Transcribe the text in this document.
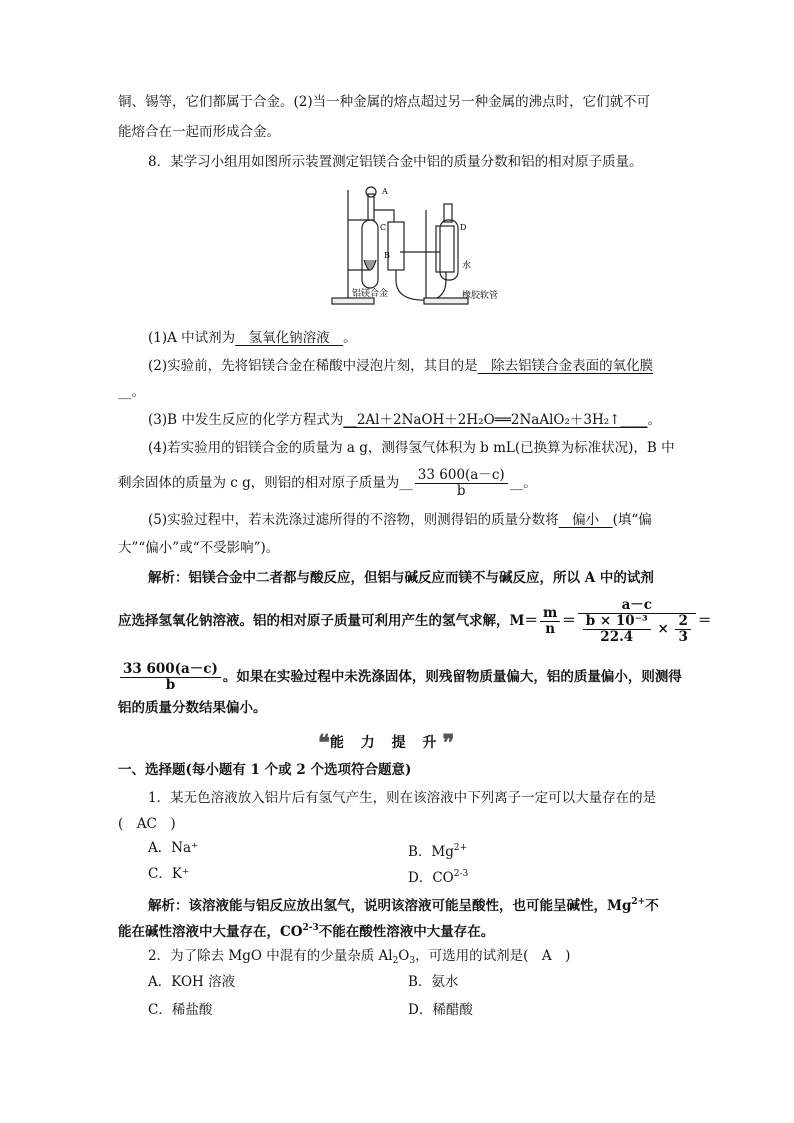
铜、锡等，它们都属于合金。(2)当一种金属的熔点超过另一种金属的沸点时，它们就不可
能熔合在一起而形成合金。
8．某学习小组用如图所示装置测定铝镁合金中铝的质量分数和铝的相对原子质量。
A
C
B
D
水
铝镁合金	橡胶软管
(1)A 中试剂为　氢氧化钠溶液　。
(2)实验前，先将铝镁合金在稀酸中浸泡片刻，其目的是　除去铝镁合金表面的氧化膜
__。
(3)B 中发生反应的化学方程式为__2Al＋2NaOH＋2H₂O══2NaAlO₂＋3H₂↑____。
(4)若实验用的铝镁合金的质量为 a g，测得氢气体积为 b mL(已换算为标准状况)，B 中
剩余固体的质量为 c g，则铝的相对原子质量为__ $\frac{33 600(a-c)}{b}$ __。
(5)实验过程中，若未洗涤过滤所得的不溶物，则测得铝的质量分数将　偏小　(填“偏
大”“偏小”或“不受影响”)。
解析：铝镁合金中二者都与酸反应，但铝与碱反应而镁不与碱反应，所以 A 中的试剂
应选择氢氧化钠溶液。铝的相对原子质量可利用产生的氢气求解，$M= \frac{m}{n} = \frac{a-c}{\frac{\text{b × 10⁻³}}{22.4} \times \frac{2}{3}}$ ＝
$\frac{33 600(a-c)}{b}$ 。如果在实验过程中未洗涤固体，则残留物质量偏大，铝的质量偏小，则测得
铝的质量分数结果偏小。
❝能 力 提 升❞
一、选择题(每小题有 1 个或 2 个选项符合题意)
1．某无色溶液放入铝片后有氢气产生，则在该溶液中下列离子一定可以大量存在的是
(　AC　)
A．Na⁺	B．$Mg^{2+}$
C．K⁺	D．CO$^{2-3}$
解析：该溶液能与铝反应放出氢气，说明该溶液可能呈酸性，也可能呈碱性，$Mg^{2+}$不
能在碱性溶液中大量存在，CO$^{2-3}$不能在酸性溶液中大量存在。
2．为了除去 MgO 中混有的少量杂质 $Al_2O_3$，可选用的试剂是(　A　)
A．KOH 溶液	B．氨水
C．稀盐酸	D．稀醋酸
